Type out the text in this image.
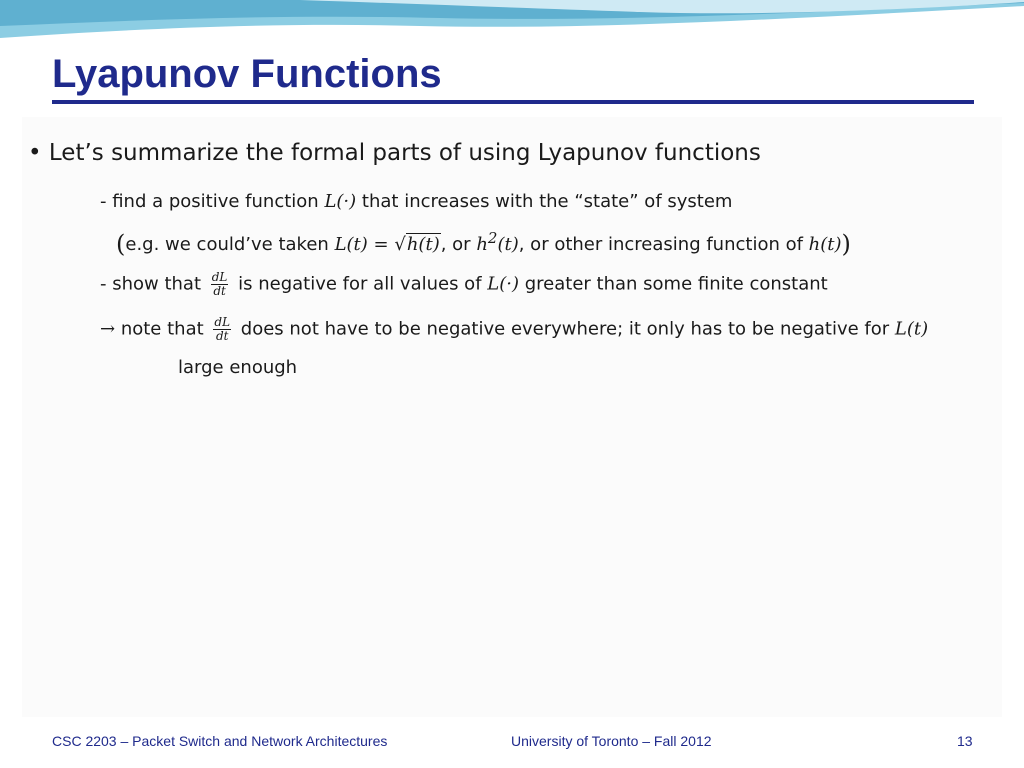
Lyapunov Functions
• Let’s summarize the formal parts of using Lyapunov functions
- find a positive function L(·) that increases with the “state” of system
(e.g. we could’ve taken L(t) = √h(t), or $h^2(t)$, or other increasing function of h(t))
- show that $\frac{dL}{dt}$ is negative for all values of L(·) greater than some finite constant
→ note that $\frac{dL}{dt}$ does not have to be negative everywhere; it only has to be negative for L(t)
large enough
CSC 2203 – Packet Switch and Network Architectures	University of Toronto – Fall 2012	13
